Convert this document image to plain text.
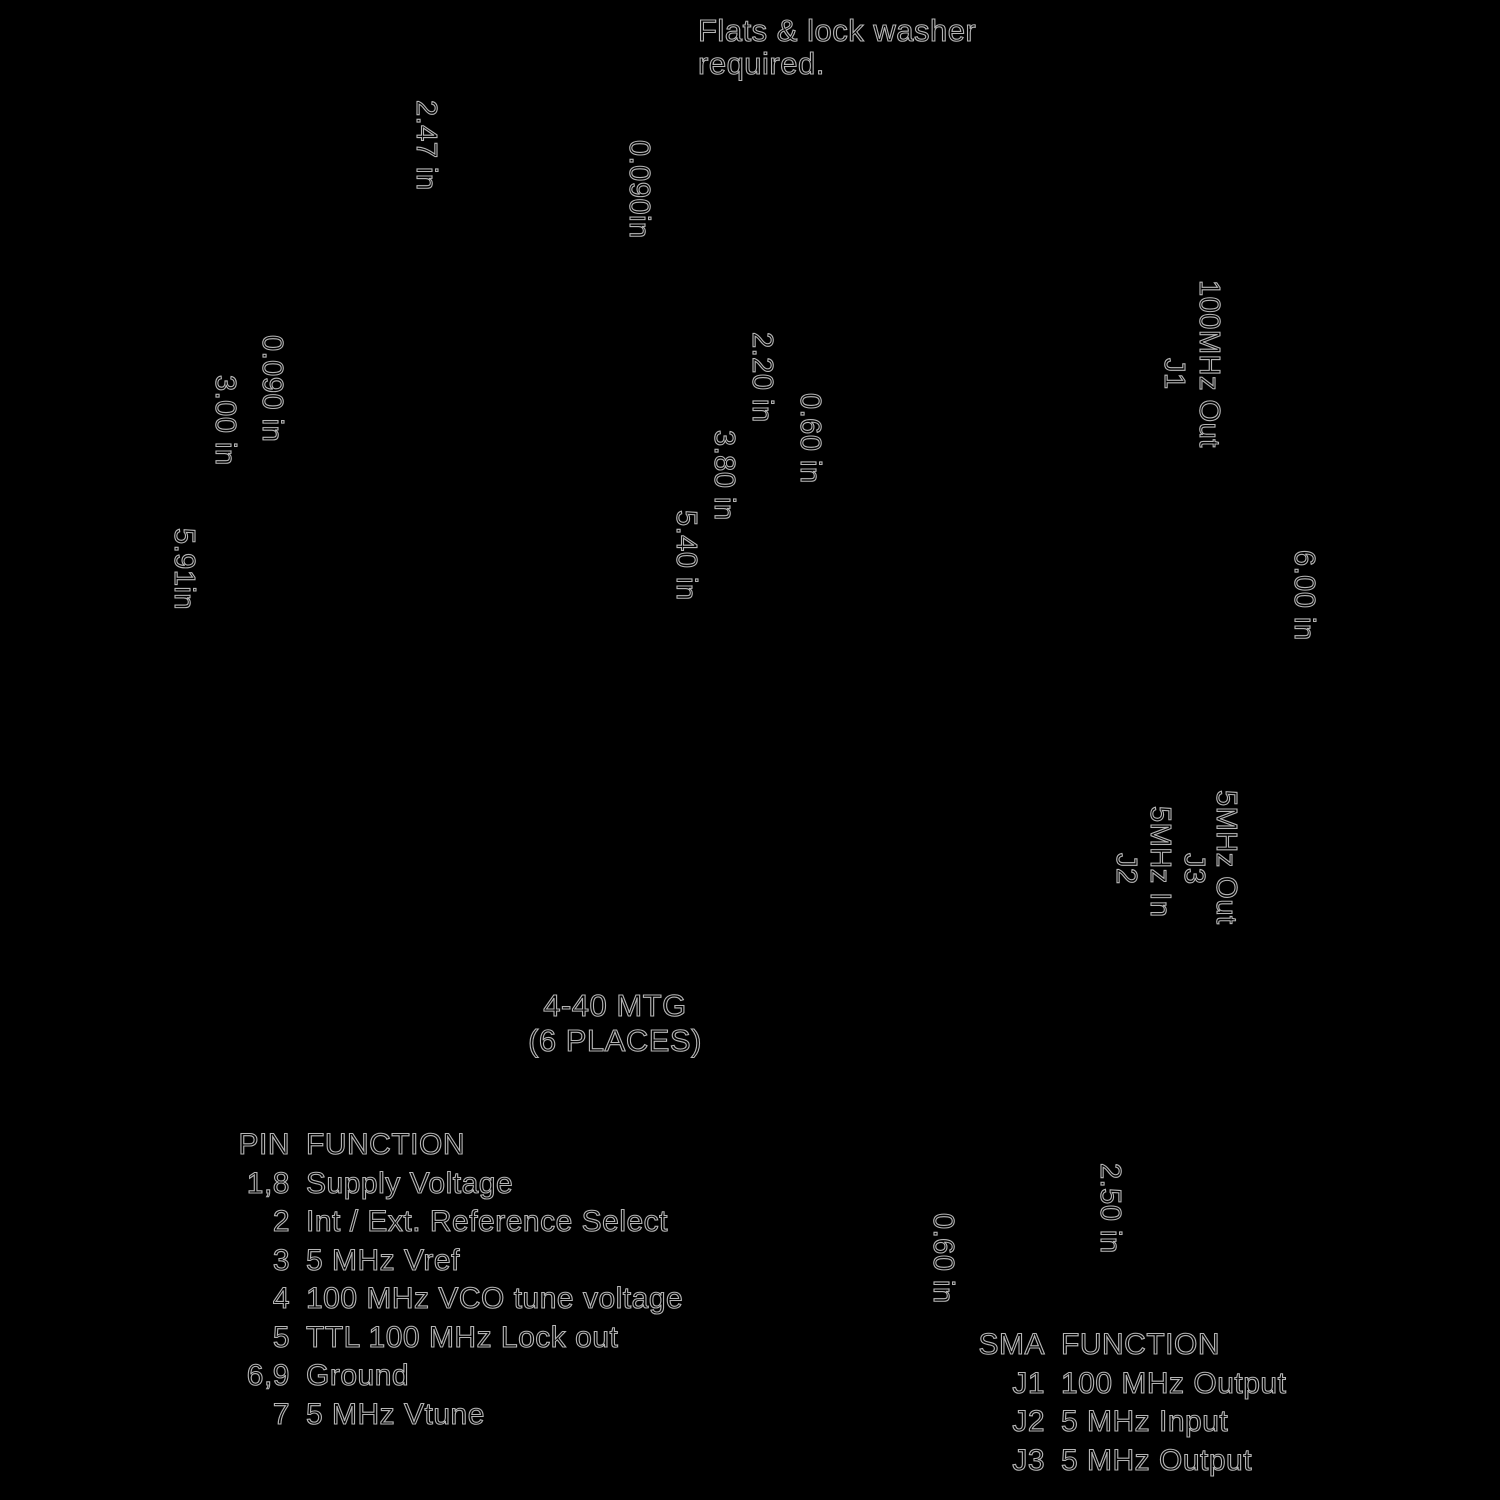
Flats & lock washer
required.
2.47 in	0.090in
0.090 in
3.00 in
5.91in
2.20 in
0.60 in
3.80 in
5.40 in
J1 100MHz Out
6.00 in
J2 5MHz In J3 5MHz Out
4-40 MTG
(6 PLACES)
2.50 in
0.60 in
PIN FUNCTION
1,8 Supply Voltage
2 Int / Ext. Reference Select
3 5 MHz Vref
4 100 MHz VCO tune voltage
5 TTL 100 MHz Lock out
6,9 Ground
7 5 MHz Vtune
SMA FUNCTION
J1 100 MHz Output
J2 5 MHz Input
J3 5 MHz Output
